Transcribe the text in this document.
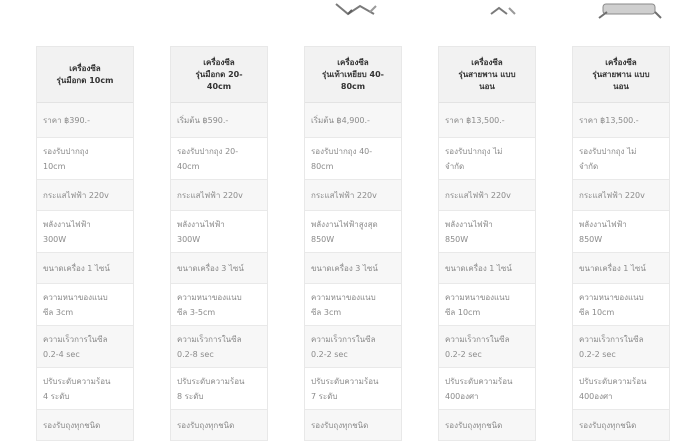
เครื่องซีล
รุ่นมือกด 10cm
ราคา ฿390.-
รองรับปากถุง
10cm
กระแสไฟฟ้า 220v
พลังงานไฟฟ้า
300W
ขนาดเครื่อง 1 ไซน์
ความหนาของแนบ
ซีล 3cm
ความเร็วการในซีล
0.2-4 sec
ปรับระดับความร้อน
4 ระดับ
รองรับถุงทุกชนิด
เครื่องซีล
รุ่นมือกด 20-
40cm
เริ่มต้น ฿590.-
รองรับปากถุง 20-
40cm
กระแสไฟฟ้า 220v
พลังงานไฟฟ้า
300W
ขนาดเครื่อง 3 ไซน์
ความหนาของแนบ
ซีล 3-5cm
ความเร็วการในซีล
0.2-8 sec
ปรับระดับความร้อน
8 ระดับ
รองรับถุงทุกชนิด
เครื่องซีล
รุ่นเท้าเหยียบ 40-
80cm
เริ่มต้น ฿4,900.-
รองรับปากถุง 40-
80cm
กระแสไฟฟ้า 220v
พลังงานไฟฟ้าสูงสุด
850W
ขนาดเครื่อง 3 ไซน์
ความหนาของแนบ
ซีล 3cm
ความเร็วการในซีล
0.2-2 sec
ปรับระดับความร้อน
7 ระดับ
รองรับถุงทุกชนิด
เครื่องซีล
รุ่นสายพาน แบบ
นอน
ราคา ฿13,500.-
รองรับปากถุง ไม่
จำกัด
กระแสไฟฟ้า 220v
พลังงานไฟฟ้า
850W
ขนาดเครื่อง 1 ไซน์
ความหนาของแนบ
ซีล 10cm
ความเร็วการในซีล
0.2-2 sec
ปรับระดับความร้อน
400องศา
รองรับถุงทุกชนิด
เครื่องซีล
รุ่นสายพาน แบบ
นอน
ราคา ฿13,500.-
รองรับปากถุง ไม่
จำกัด
กระแสไฟฟ้า 220v
พลังงานไฟฟ้า
850W
ขนาดเครื่อง 1 ไซน์
ความหนาของแนบ
ซีล 10cm
ความเร็วการในซีล
0.2-2 sec
ปรับระดับความร้อน
400องศา
รองรับถุงทุกชนิด
